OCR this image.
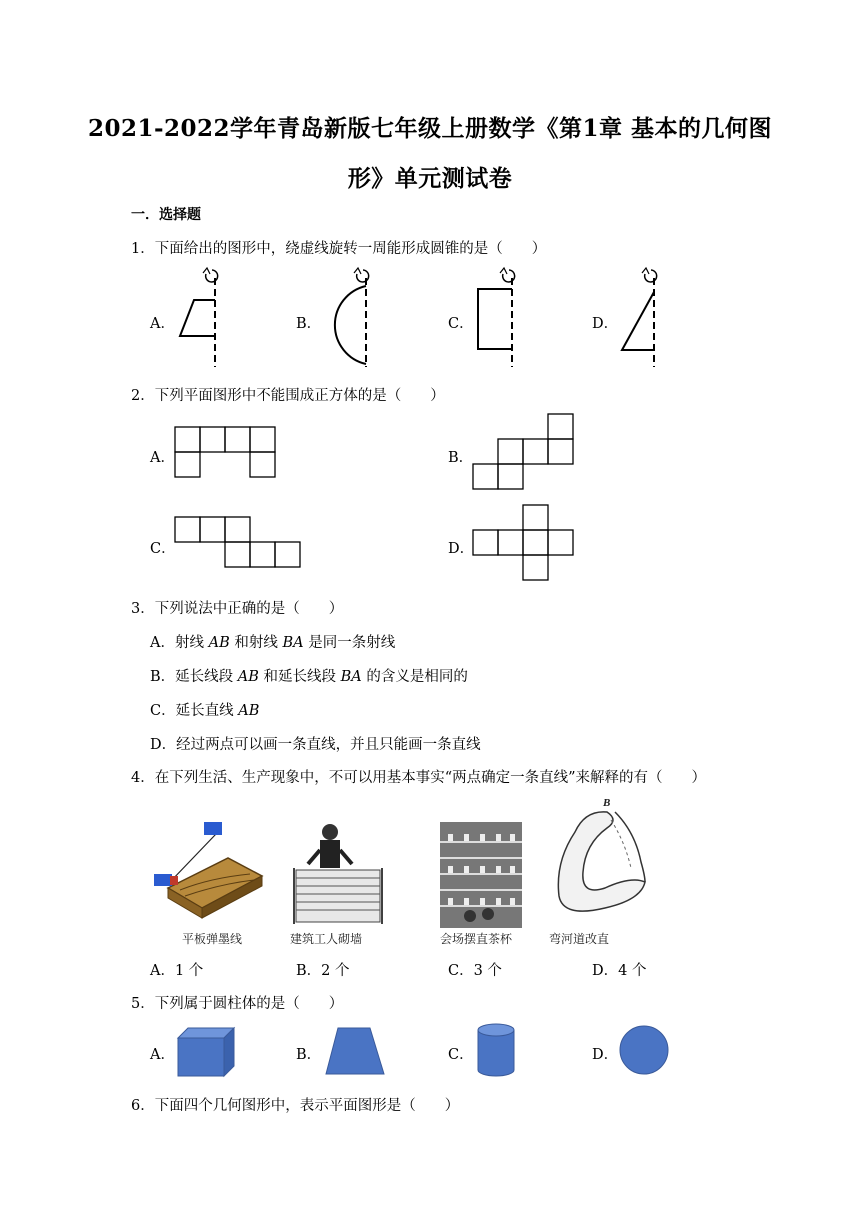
2021-2022学年青岛新版七年级上册数学《第1章 基本的几何图
形》单元测试卷
一．选择题
1．下面给出的图形中，绕虚线旋转一周能形成圆锥的是（　　）
A．	B．	C．	D．
2．下列平面图形中不能围成正方体的是（　　）
A．	B．
C．	D．
3．下列说法中正确的是（　　）
A．射线 AB 和射线 BA 是同一条射线
B．延长线段 AB 和延长线段 BA 的含义是相同的
C．延长直线 AB
D．经过两点可以画一条直线，并且只能画一条直线
4．在下列生活、生产现象中，不可以用基本事实“两点确定一条直线”来解释的有（　　）
平板弹墨线	建筑工人砌墙	会场摆直茶杯
B
弯河道改直
A．1 个	B．2 个	C．3 个	D．4 个
5．下列属于圆柱体的是（　　）
A．	B．	C．	D．
6．下面四个几何图形中，表示平面图形是（　　）
